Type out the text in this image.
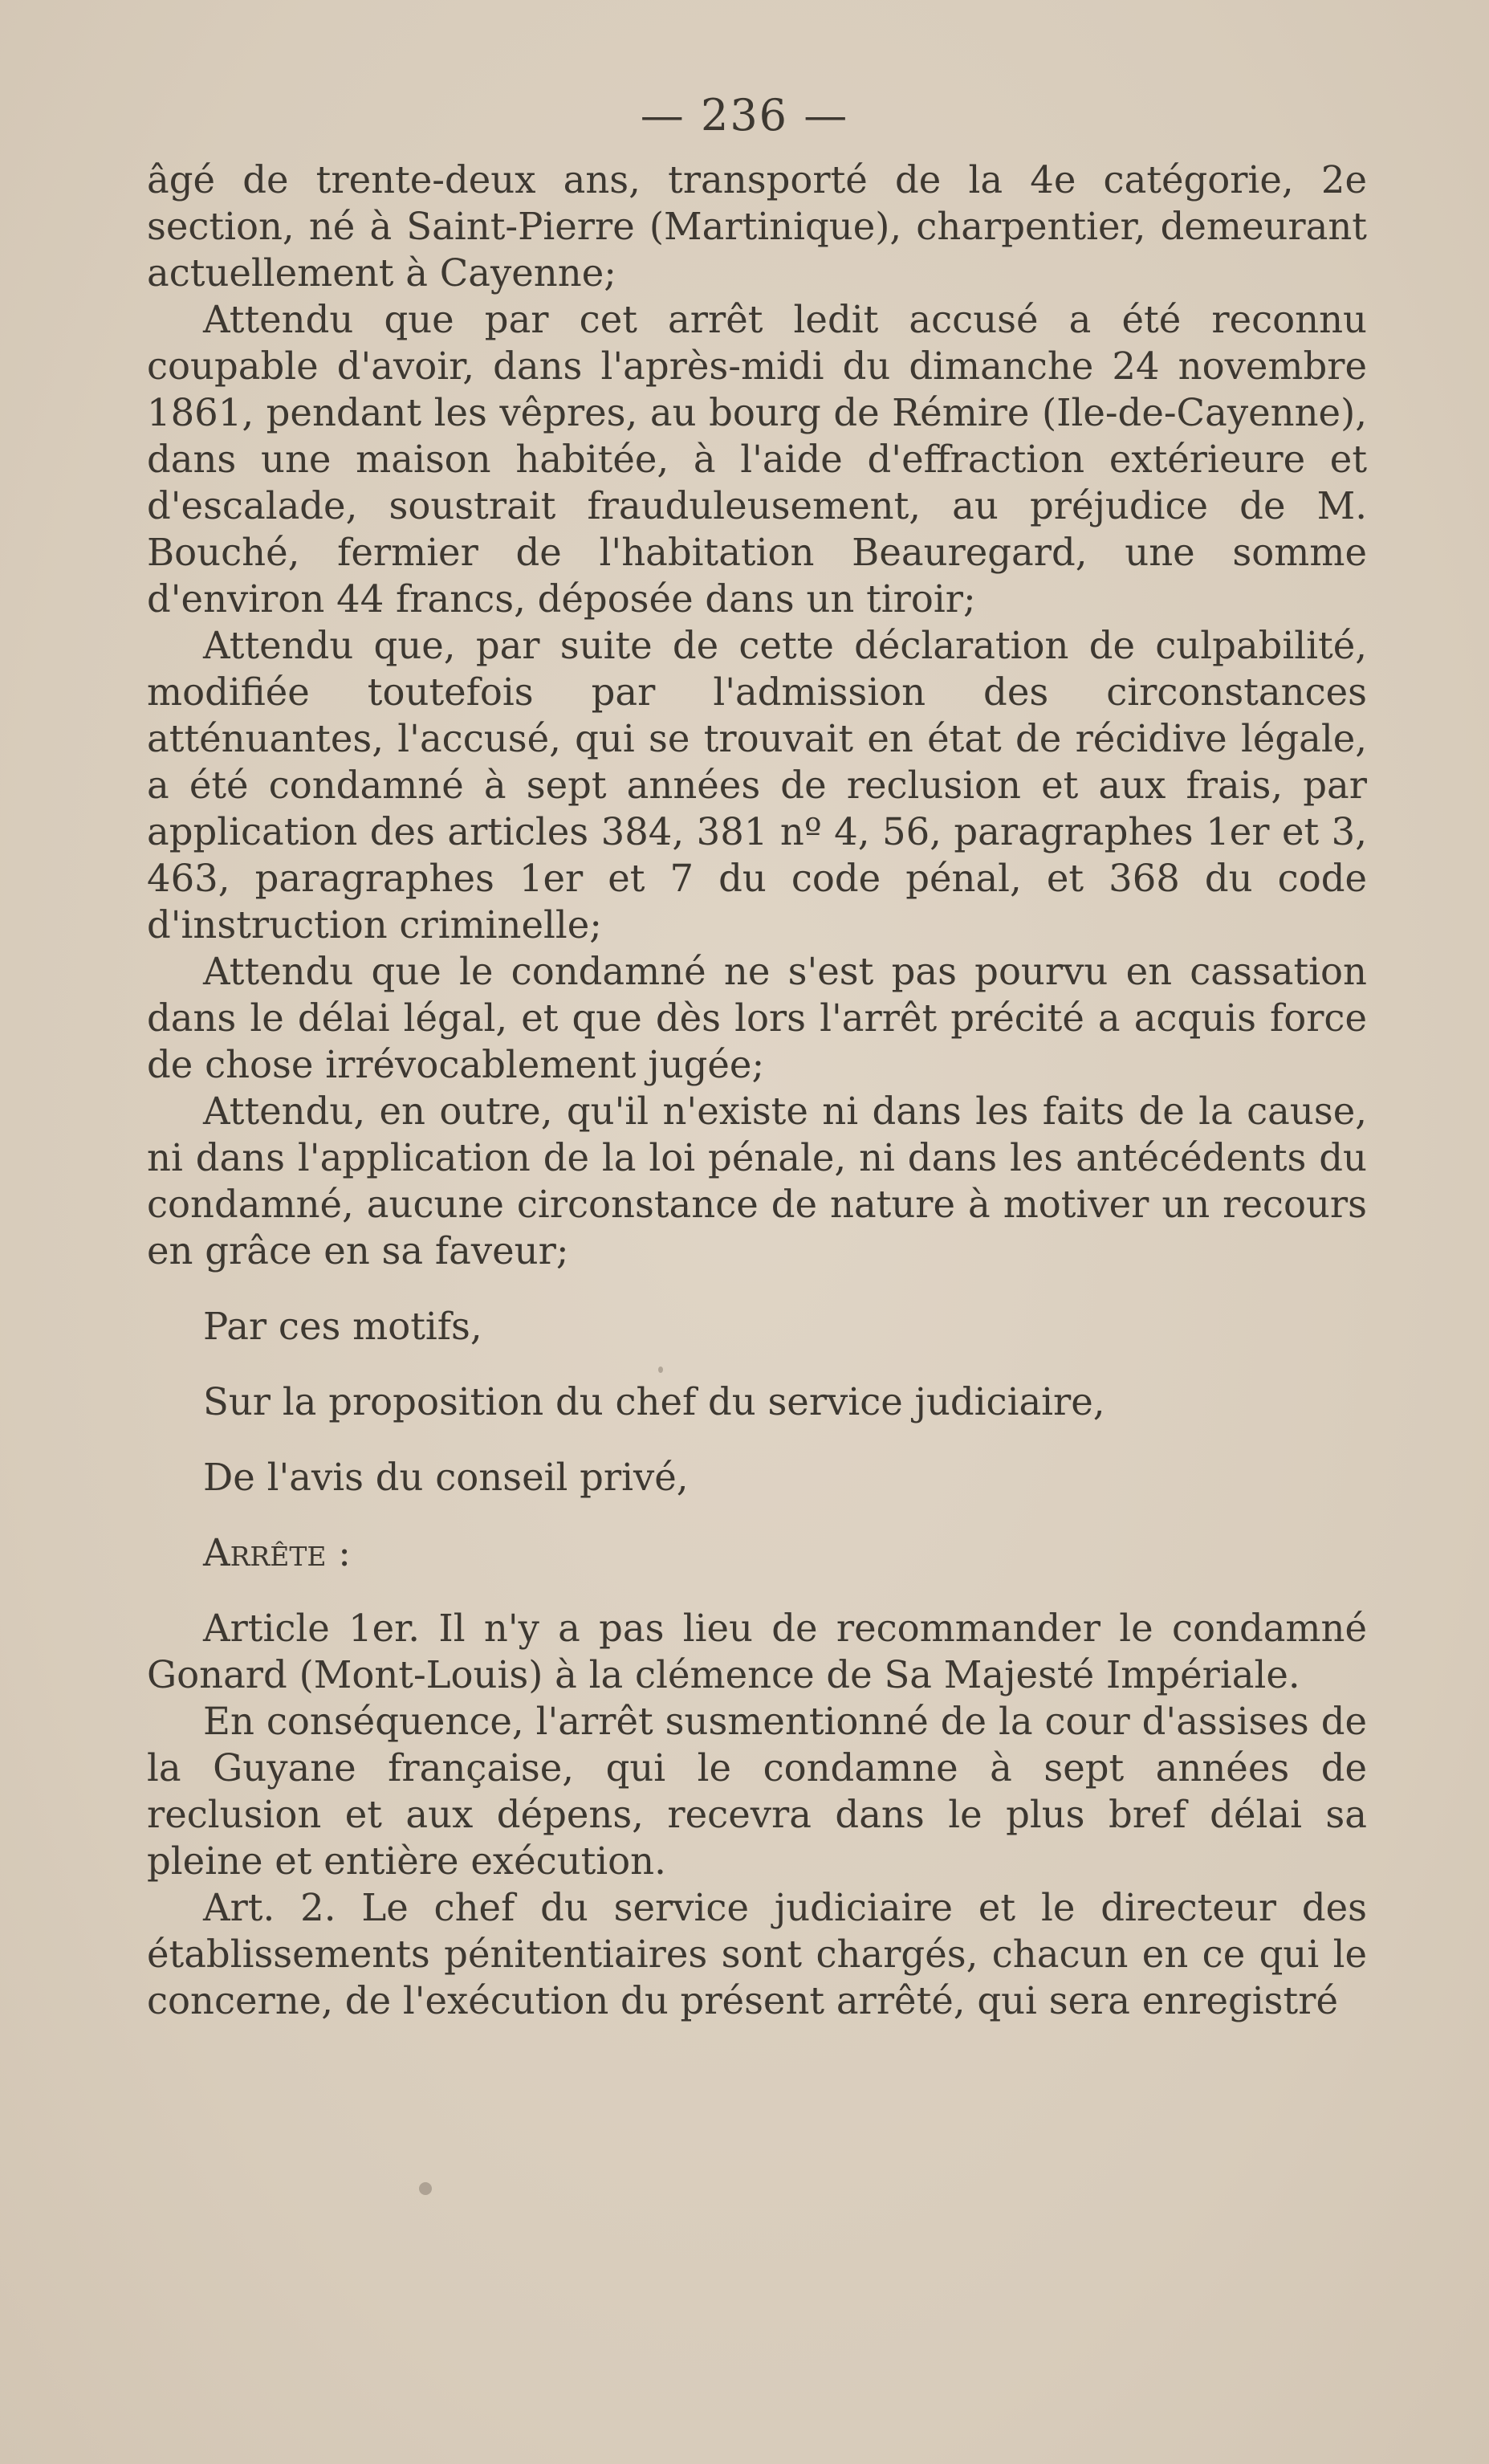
— 236 —

âgé de trente-deux ans, transporté de la 4e catégorie, 2e section, né à Saint-Pierre (Martinique), charpentier, demeurant actuellement à Cayenne;

Attendu que par cet arrêt ledit accusé a été reconnu coupable d'avoir, dans l'après-midi du dimanche 24 novembre 1861, pendant les vêpres, au bourg de Rémire (Ile-de-Cayenne), dans une maison habitée, à l'aide d'effraction extérieure et d'escalade, soustrait frauduleusement, au préjudice de M. Bouché, fermier de l'habitation Beauregard, une somme d'environ 44 francs, déposée dans un tiroir;

Attendu que, par suite de cette déclaration de culpabilité, modifiée toutefois par l'admission des circonstances atténuantes, l'accusé, qui se trouvait en état de récidive légale, a été condamné à sept années de reclusion et aux frais, par application des articles 384, 381 nº 4, 56, paragraphes 1er et 3, 463, paragraphes 1er et 7 du code pénal, et 368 du code d'instruction criminelle;

Attendu que le condamné ne s'est pas pourvu en cassation dans le délai légal, et que dès lors l'arrêt précité a acquis force de chose irrévocablement jugée;

Attendu, en outre, qu'il n'existe ni dans les faits de la cause, ni dans l'application de la loi pénale, ni dans les antécédents du condamné, aucune circonstance de nature à motiver un recours en grâce en sa faveur;

Par ces motifs,

Sur la proposition du chef du service judiciaire,

De l'avis du conseil privé,

Arrête :

Article 1er. Il n'y a pas lieu de recommander le condamné Gonard (Mont-Louis) à la clémence de Sa Majesté Impériale.

En conséquence, l'arrêt susmentionné de la cour d'assises de la Guyane française, qui le condamne à sept années de reclusion et aux dépens, recevra dans le plus bref délai sa pleine et entière exécution.

Art. 2. Le chef du service judiciaire et le directeur des établissements pénitentiaires sont chargés, chacun en ce qui le concerne, de l'exécution du présent arrêté, qui sera enregistré
